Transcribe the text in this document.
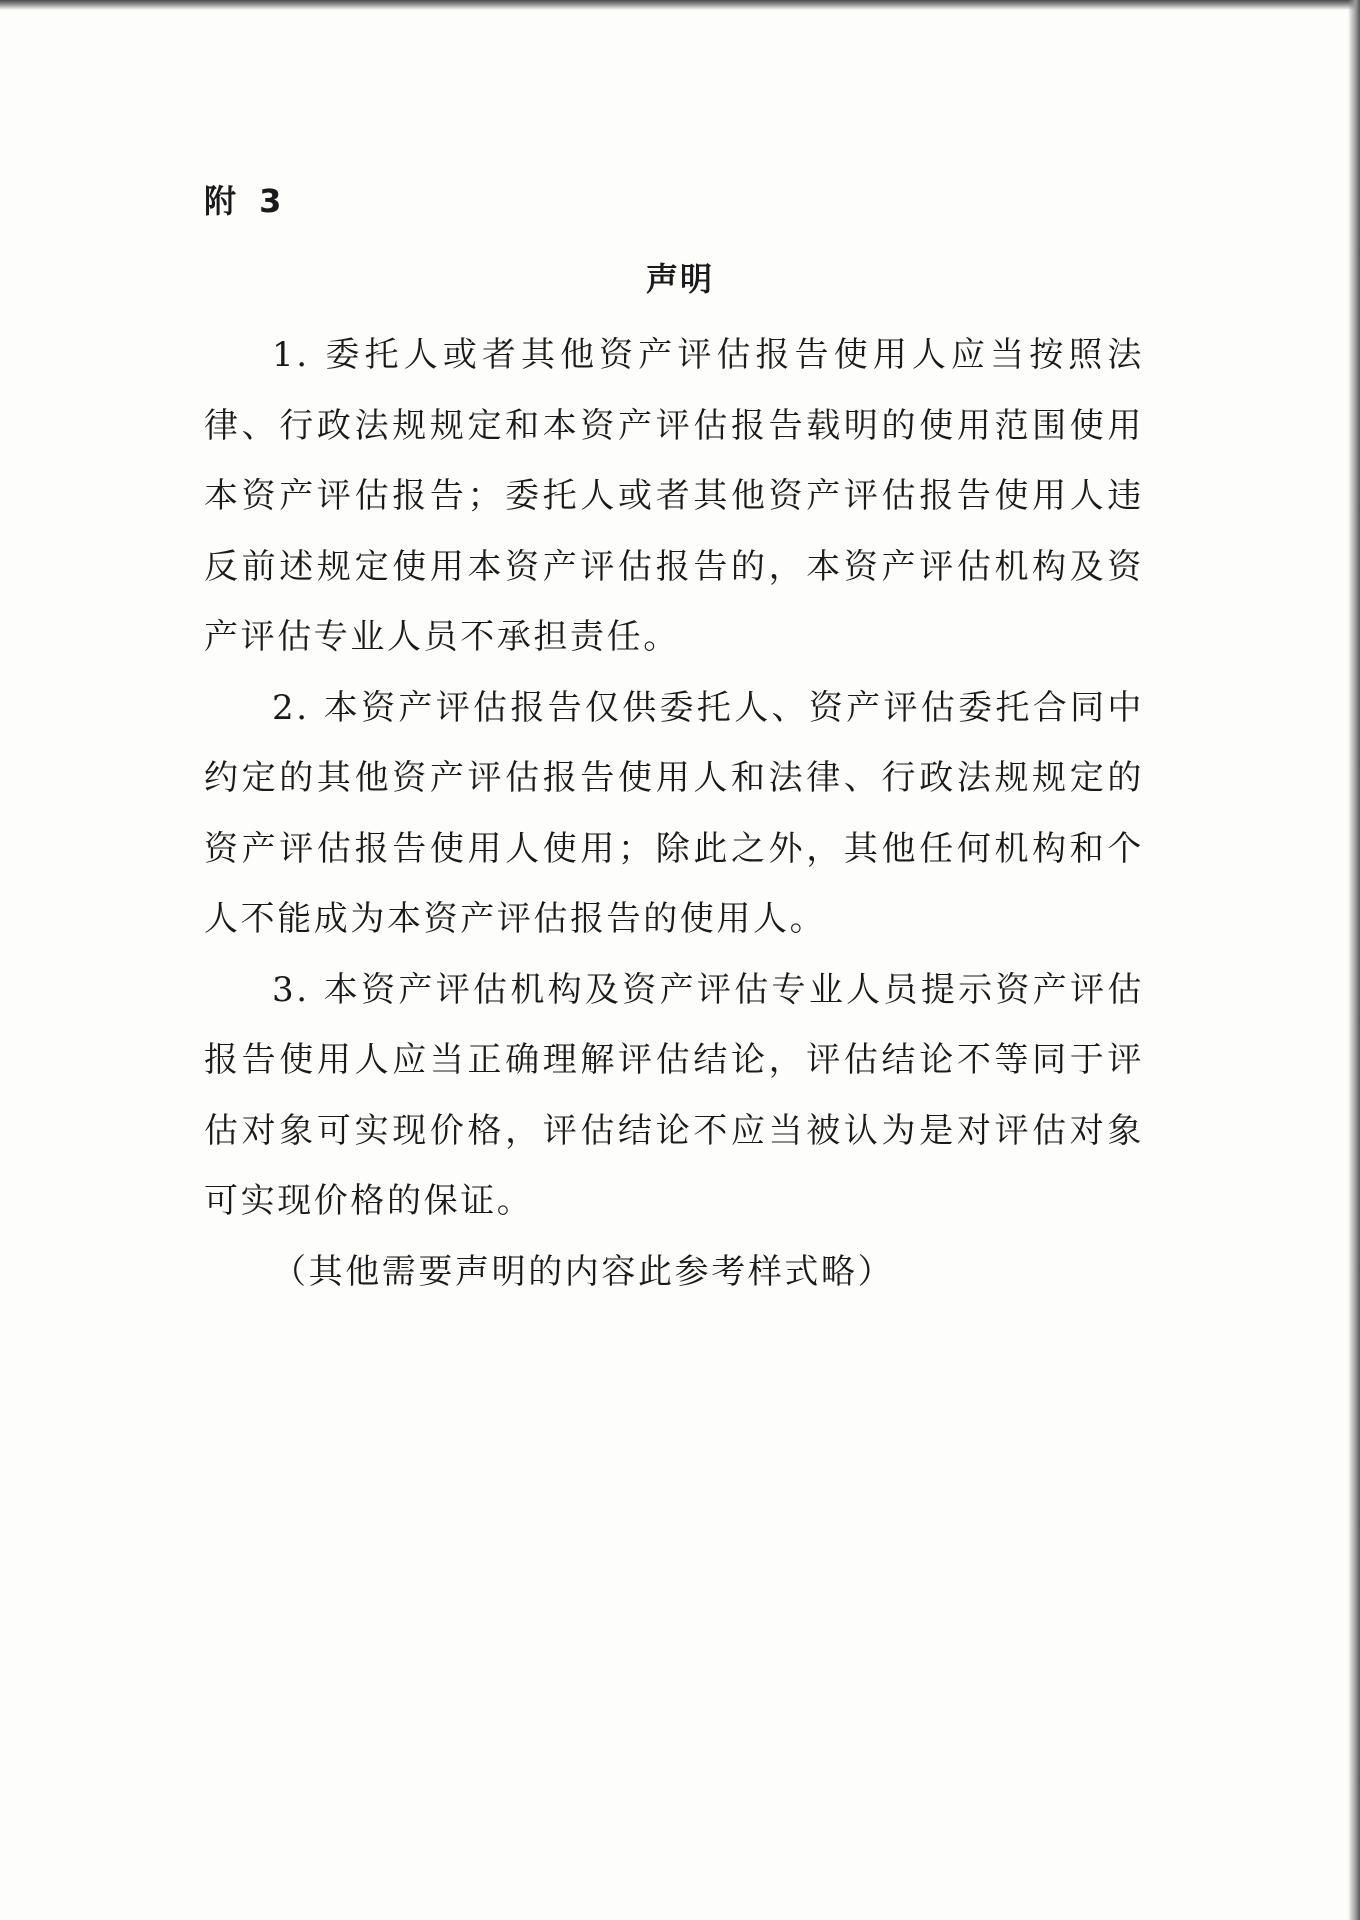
附 3
声明

1. 委托人或者其他资产评估报告使用人应当按照法律、行政法规规定和本资产评估报告载明的使用范围使用本资产评估报告；委托人或者其他资产评估报告使用人违反前述规定使用本资产评估报告的，本资产评估机构及资产评估专业人员不承担责任。

2. 本资产评估报告仅供委托人、资产评估委托合同中约定的其他资产评估报告使用人和法律、行政法规规定的资产评估报告使用人使用；除此之外，其他任何机构和个人不能成为本资产评估报告的使用人。

3. 本资产评估机构及资产评估专业人员提示资产评估报告使用人应当正确理解评估结论，评估结论不等同于评估对象可实现价格，评估结论不应当被认为是对评估对象可实现价格的保证。

（其他需要声明的内容此参考样式略）
